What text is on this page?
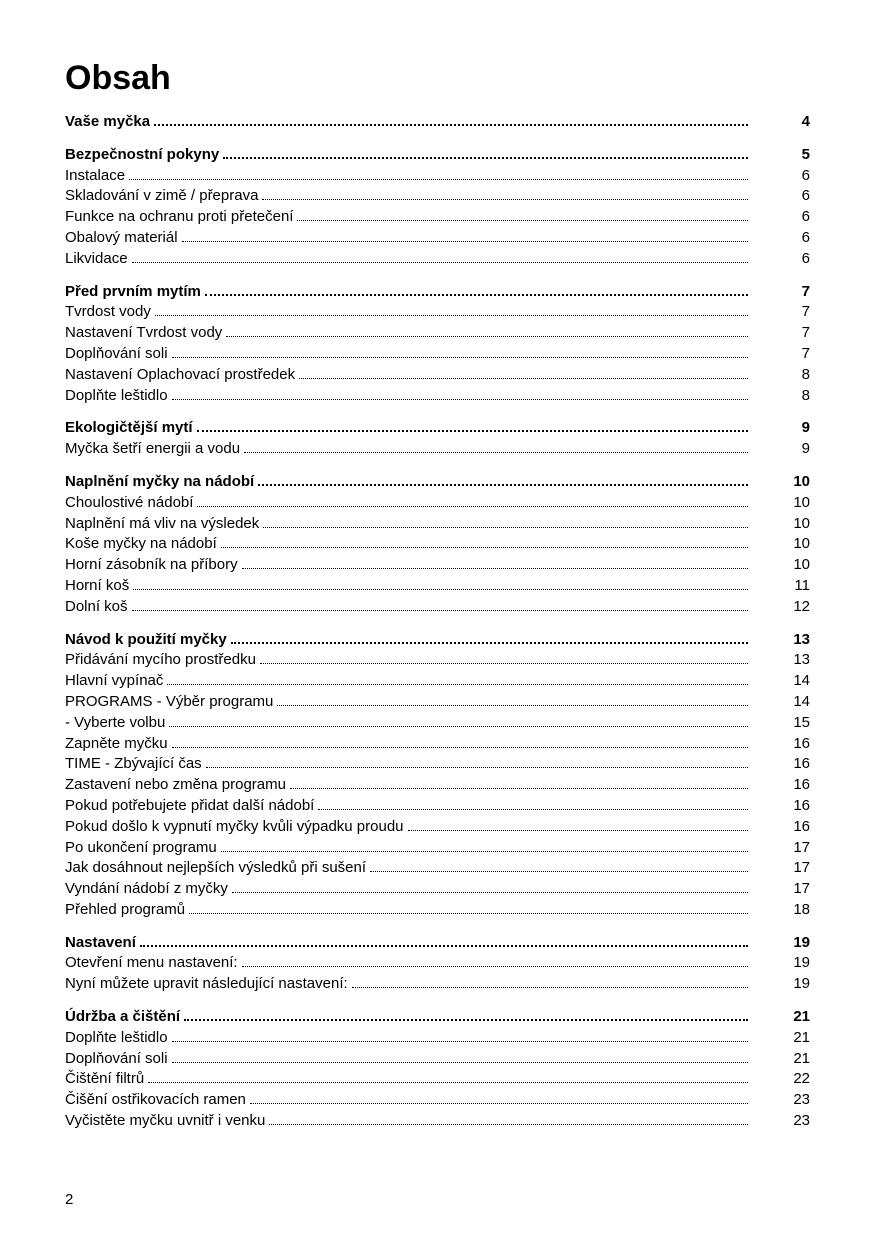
Obsah
Vaše myčka	4
Bezpečnostní pokyny	5
Instalace	6
Skladování v zimě / přeprava	6
Funkce na ochranu proti přetečení	6
Obalový materiál	6
Likvidace	6
Před prvním mytím	7
Tvrdost vody	7
Nastavení Tvrdost vody	7
Doplňování soli	7
Nastavení Oplachovací prostředek	8
Doplňte leštidlo	8
Ekologičtější mytí	9
Myčka šetří energii a vodu	9
Naplnění myčky na nádobí	10
Choulostivé nádobí	10
Naplnění má vliv na výsledek	10
Koše myčky na nádobí	10
Horní zásobník na příbory	10
Horní koš	11
Dolní koš	12
Návod k použití myčky	13
Přidávání mycího prostředku	13
Hlavní vypínač	14
PROGRAMS - Výběr programu	14
- Vyberte volbu	15
Zapněte myčku	16
TIME - Zbývající čas	16
Zastavení nebo změna programu	16
Pokud potřebujete přidat další nádobí	16
Pokud došlo k vypnutí myčky kvůli výpadku proudu	16
Po ukončení programu	17
Jak dosáhnout nejlepších výsledků při sušení	17
Vyndání nádobí z myčky	17
Přehled programů	18
Nastavení	19
Otevření menu nastavení:	19
Nyní můžete upravit následující nastavení:	19
Údržba a čištění	21
Doplňte leštidlo	21
Doplňování soli	21
Čištění filtrů	22
Čišění ostřikovacích ramen	23
Vyčistěte myčku uvnitř i venku	23
2
